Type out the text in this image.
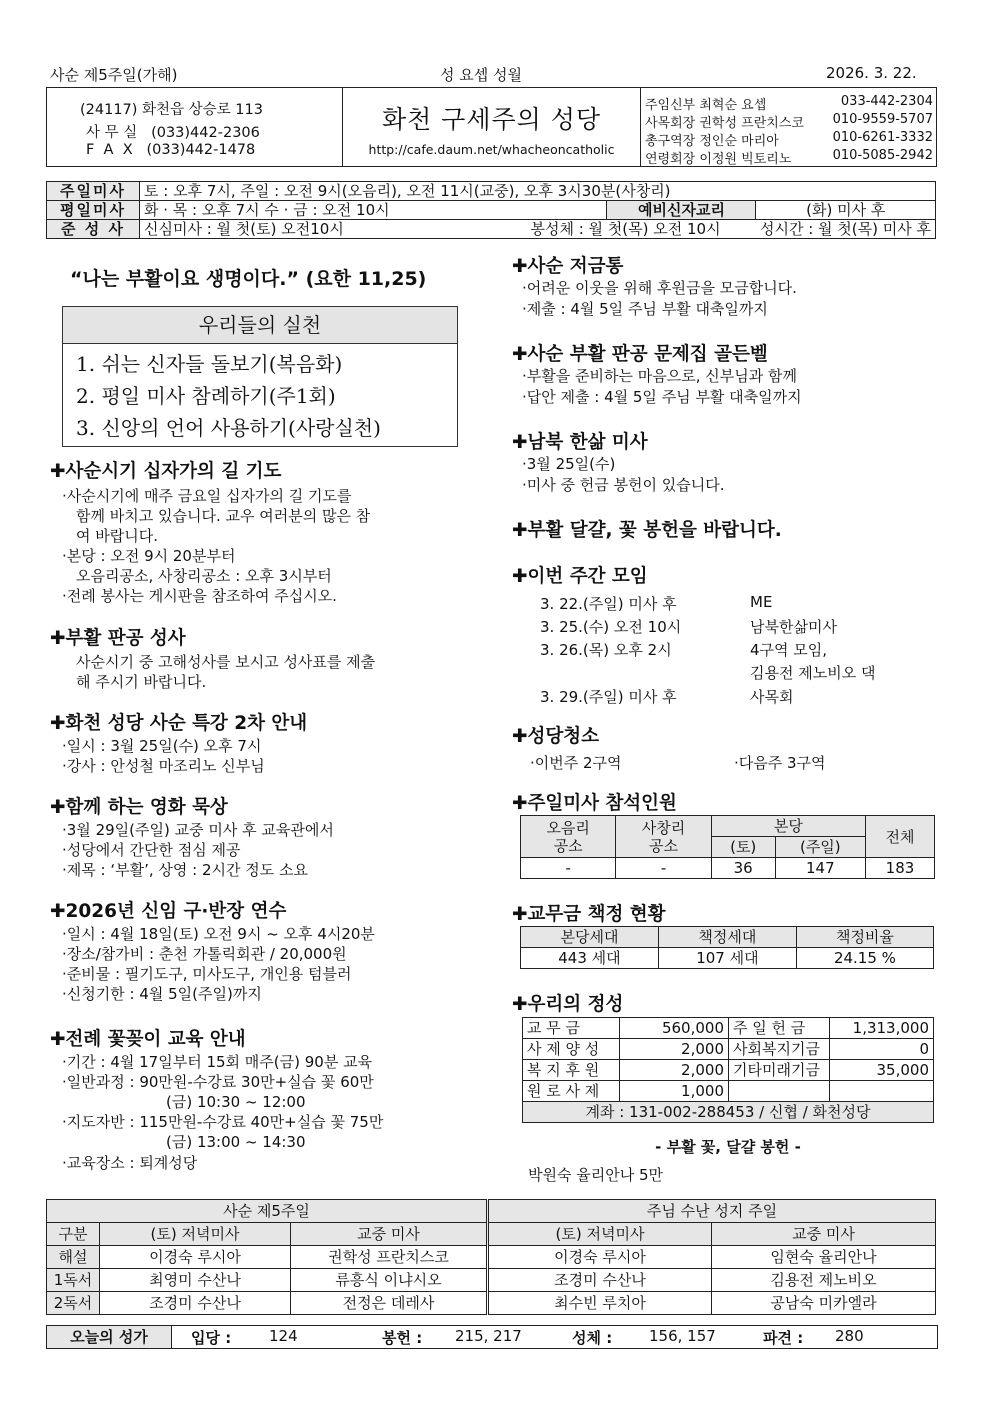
사순 제5주일(가해)	성 요셉 성월	2026. 3. 22.
(24117) 화천읍 상승로 113
사 무 실   (033)442-2306
F  A  X   (033)442-1478
화천 구세주의 성당
http://cafe.daum.net/whacheoncatholic
주임신부 최혁순 요셉	033-442-2304
사목회장 권학성 프란치스코 010-9559-5707
총구역장 정인순 마리아	010-6261-3332
연령회장 이정원 빅토리노	010-5085-2942
주일미사	토 : 오후 7시, 주일 : 오전 9시(오음리), 오전 11시(교중), 오후 3시30분(사창리)			
평일미사	화 · 목 : 오후 7시 수 · 금 : 오전 10시		예비신자교리	(화) 미사 후
준 성 사	신심미사 : 월 첫(토) 오전10시	봉성체 : 월 첫(목) 오전 10시		성시간 : 월 첫(목) 미사 후
“나는 부활이요 생명이다.” (요한 11,25)
우리들의 실천
1. 쉬는 신자들 돌보기(복음화)
2. 평일 미사 참례하기(주1회)
3. 신앙의 언어 사용하기(사랑실천)
✚사순시기 십자가의 길 기도
·사순시기에 매주 금요일 십자가의 길 기도를
함께 바치고 있습니다. 교우 여러분의 많은 참
여 바랍니다.
·본당 : 오전 9시 20분부터
오음리공소, 사창리공소 : 오후 3시부터
·전례 봉사는 게시판을 참조하여 주십시오.
✚부활 판공 성사
사순시기 중 고해성사를 보시고 성사표를 제출
해 주시기 바랍니다.
✚화천 성당 사순 특강 2차 안내
·일시 : 3월 25일(수) 오후 7시
·강사 : 안성철 마조리노 신부님
✚함께 하는 영화 묵상
·3월 29일(주일) 교중 미사 후 교육관에서
·성당에서 간단한 점심 제공
·제목 : ‘부활’, 상영 : 2시간 정도 소요
✚2026년 신임 구·반장 연수
·일시 : 4월 18일(토) 오전 9시 ~ 오후 4시20분
·장소/참가비 : 춘천 가톨릭회관 / 20,000원
·준비물 : 필기도구, 미사도구, 개인용 텀블러
·신청기한 : 4월 5일(주일)까지
✚전례 꽃꽂이 교육 안내
·기간 : 4월 17일부터 15회 매주(금) 90분 교육
·일반과정 : 90만원-수강료 30만+실습 꽃 60만
(금) 10:30 ~ 12:00
·지도자반 : 115만원-수강료 40만+실습 꽃 75만
(금) 13:00 ~ 14:30
·교육장소 : 퇴계성당
✚사순 저금통
·어려운 이웃을 위해 후원금을 모금합니다.
·제출 : 4월 5일 주님 부활 대축일까지
✚사순 부활 판공 문제집 골든벨
·부활을 준비하는 마음으로, 신부님과 함께
·답안 제출 : 4월 5일 주님 부활 대축일까지
✚남북 한삶 미사
·3월 25일(수)
·미사 중 헌금 봉헌이 있습니다.
✚부활 달걀, 꽃 봉헌을 바랍니다.
✚이번 주간 모임
3. 22.(주일) 미사 후	ME
3. 25.(수) 오전 10시	남북한삶미사
3. 26.(목) 오후 2시	4구역 모임,
김용전 제노비오 댁
3. 29.(주일) 미사 후	사목회
✚성당청소
·이번주 2구역	·다음주 3구역
✚주일미사 참석인원
오음리
공소	사창리
공소	본당		전체
		(토)	(주일)	
-	-	36	147	183
✚교무금 책정 현황
본당세대	책정세대	책정비율
443 세대	107 세대	24.15 %
✚우리의 정성
교 무 금	560,000	주 일 헌 금	1,313,000
사 제 양 성	2,000	사회복지기금	0
복 지 후 원	2,000	기타미래기금	35,000
원 로 사 제	1,000		
계좌 : 131-002-288453 / 신협 / 화천성당			
- 부활 꽃, 달걀 봉헌 -
박원숙 율리안나 5만
사순 제5주일			주님 수난 성지 주일	
구분	(토) 저녁미사	교중 미사	(토) 저녁미사	교중 미사
해설	이경숙 루시아	권학성 프란치스코	이경숙 루시아	임현숙 율리안나
1독서	최영미 수산나	류흥식 이냐시오	조경미 수산나	김용전 제노비오
2독서	조경미 수산나	전정은 데레사	최수빈 루치아	공남숙 미카엘라
오늘의 성가	입당 :	124	봉헌 : 215, 217	성체 : 156, 157	파견 : 280
